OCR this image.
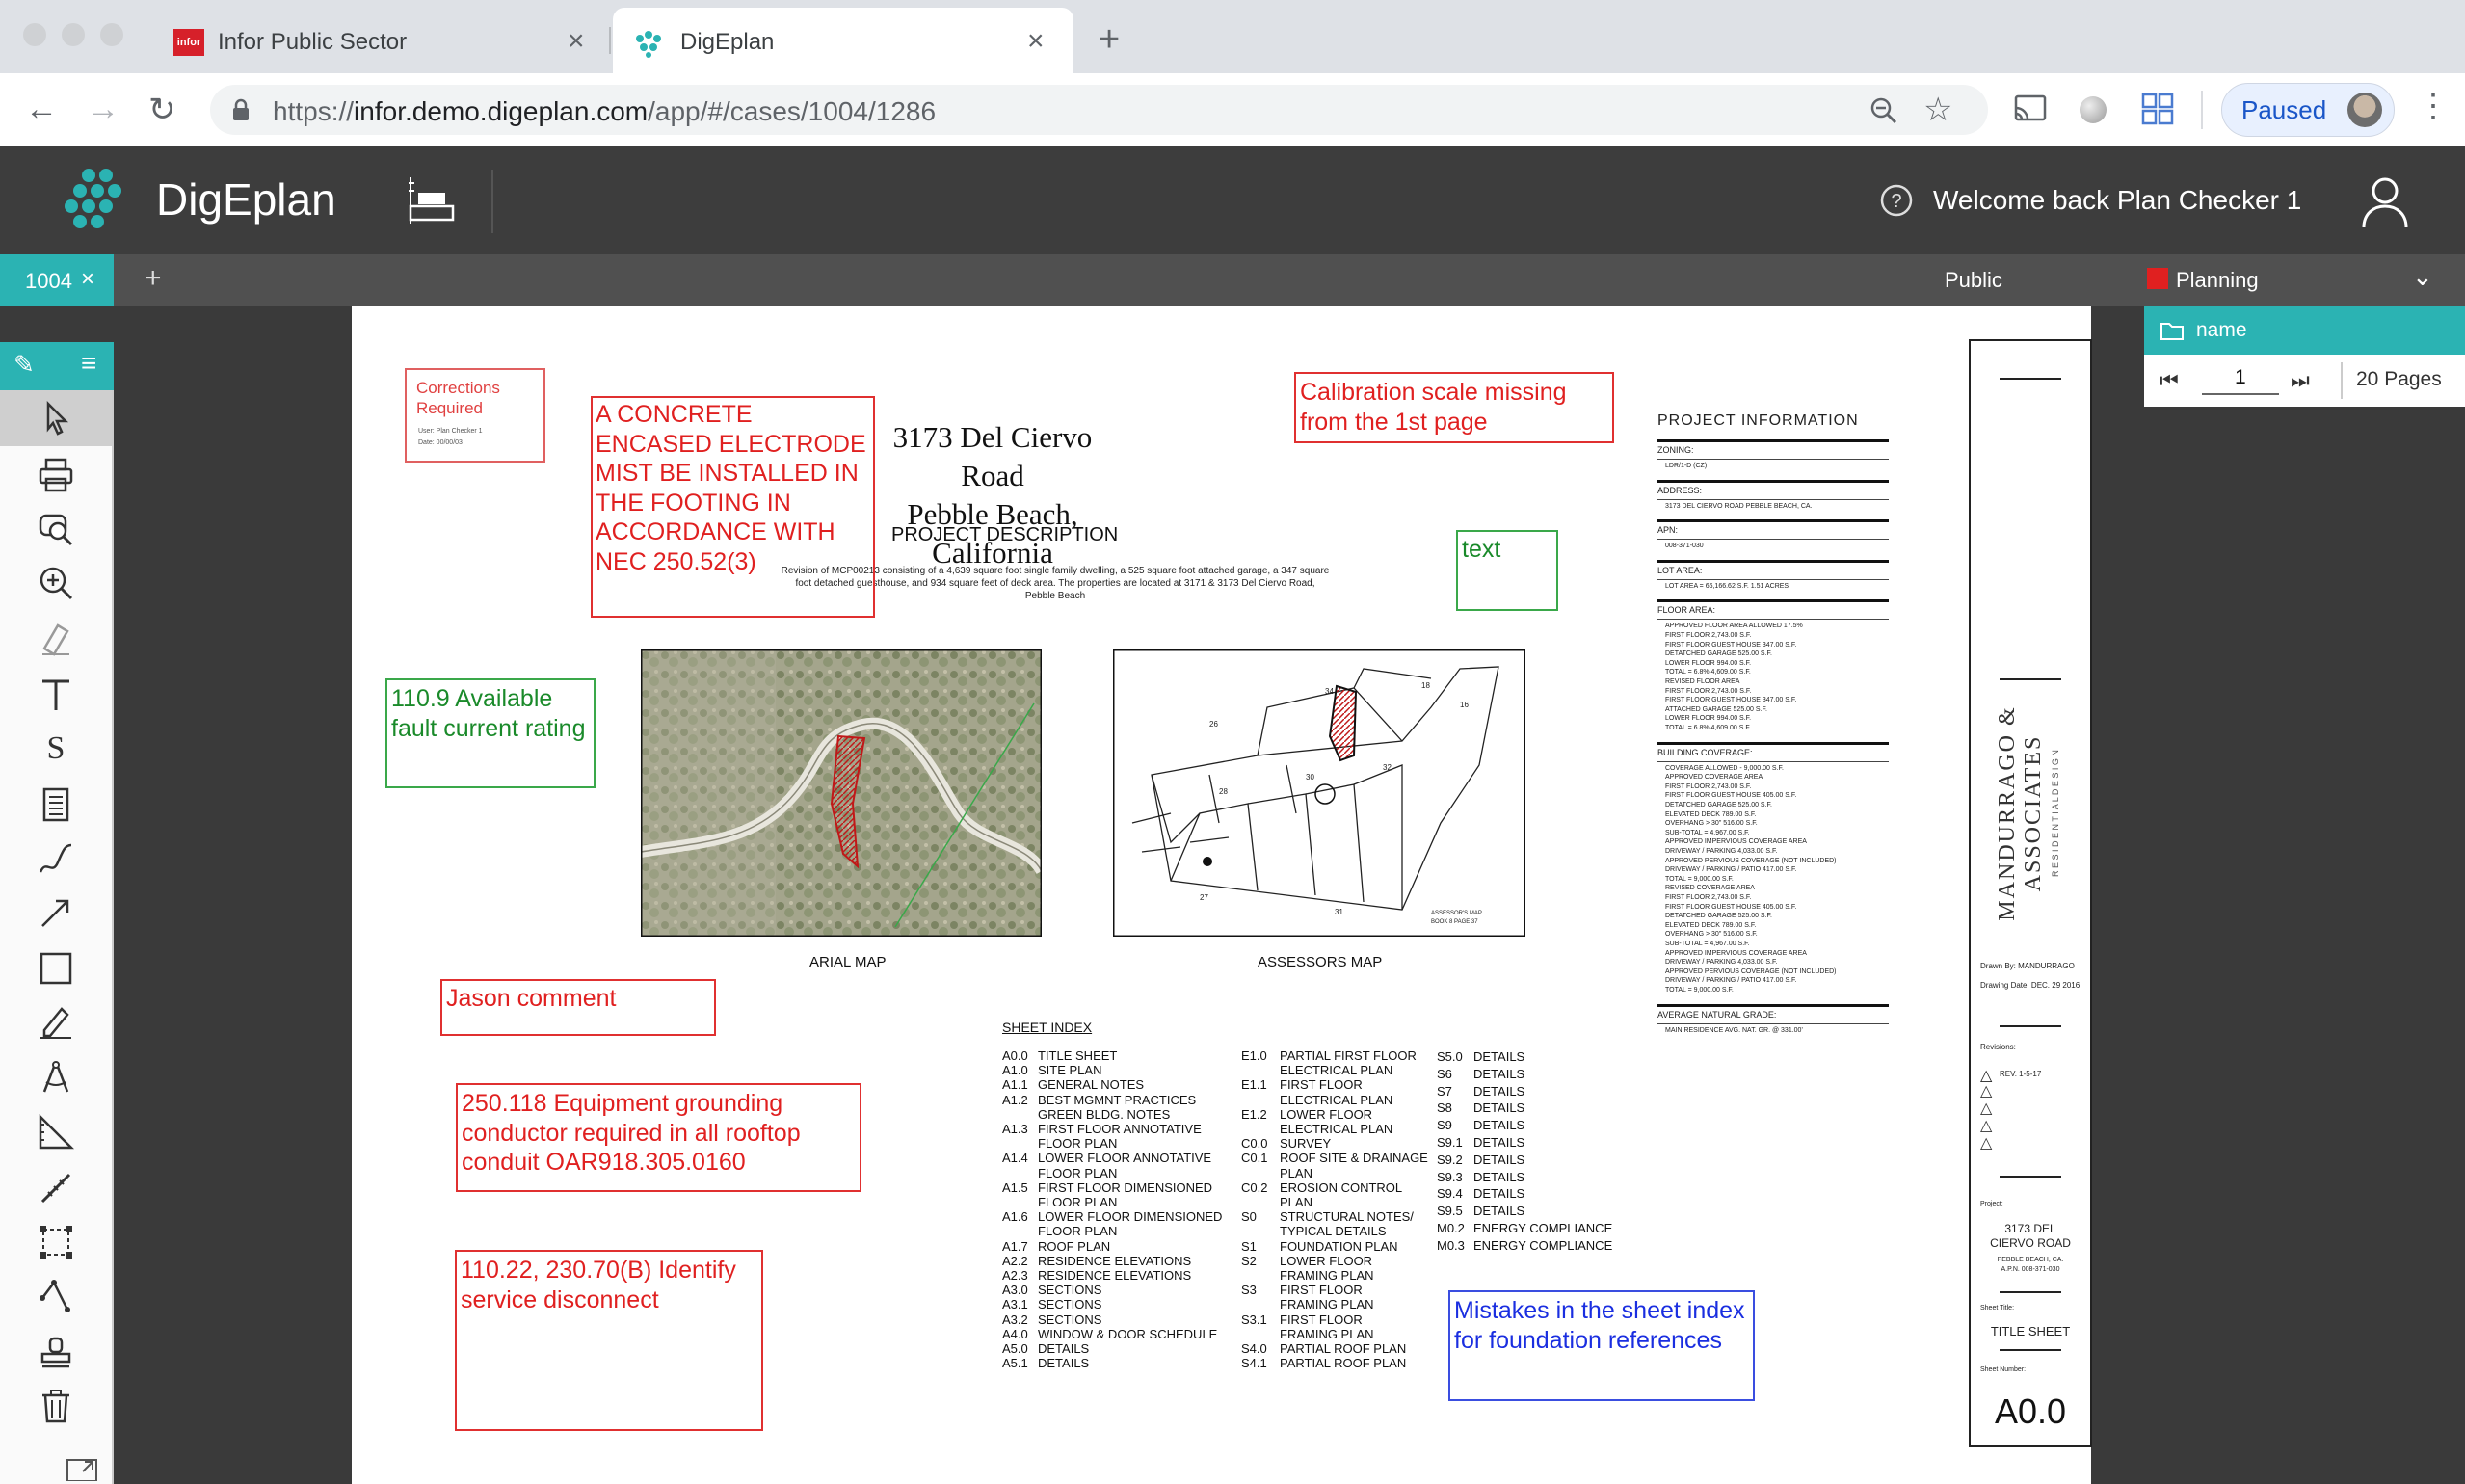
infor Infor Public Sector	×	DigEplan	× +
← → ↻	https://infor.demo.digeplan.com/app/#/cases/1004/1286	☆	Paused	⋮
DigEplan	? Welcome back Plan Checker 1
1004 × +	Public	Planning	⌄
✎ ≡
S
Corrections Required
User: Plan Checker 1
Date: 00/00/03	3173 Del Ciervo Road
Pebble Beach, California
PROJECT DESCRIPTION
Revision of MCP00213 consisting of a 4,639 square foot single family dwelling, a 525 square foot attached garage, a 347 square foot detached guesthouse, and 934 square feet of deck area. The properties are located at 3171 & 3173 Del Ciervo Road, Pebble Beach
ARIAL MAP
26
34
18
16
28
30
32
27
31	ASSESSOR'S MAP
BOOK 8 PAGE 37
ASSESSORS MAP
SHEET INDEX
A0.0 TITLE SHEET
A1.0 SITE PLAN
A1.1 GENERAL NOTES
A1.2 BEST MGMNT PRACTICES
GREEN BLDG. NOTES
A1.3 FIRST FLOOR ANNOTATIVE
FLOOR PLAN
A1.4 LOWER FLOOR ANNOTATIVE
FLOOR PLAN
A1.5 FIRST FLOOR DIMENSIONED
FLOOR PLAN
A1.6 LOWER FLOOR DIMENSIONED
FLOOR PLAN
A1.7 ROOF PLAN
A2.2 RESIDENCE ELEVATIONS
A2.3 RESIDENCE ELEVATIONS
A3.0 SECTIONS
A3.1 SECTIONS
A3.2 SECTIONS
A4.0 WINDOW & DOOR SCHEDULE
A5.0 DETAILS
A5.1 DETAILS
E1.0 PARTIAL FIRST FLOOR
ELECTRICAL PLAN
E1.1 FIRST FLOOR
ELECTRICAL PLAN
E1.2 LOWER FLOOR
ELECTRICAL PLAN
C0.0 SURVEY
C0.1 ROOF SITE & DRAINAGE
PLAN
C0.2 EROSION CONTROL
PLAN
S0 STRUCTURAL NOTES/
TYPICAL DETAILS
S1 FOUNDATION PLAN
S2 LOWER FLOOR
FRAMING PLAN
S3 FIRST FLOOR
FRAMING PLAN
S3.1 FIRST FLOOR
FRAMING PLAN
S4.0 PARTIAL ROOF PLAN
S4.1 PARTIAL ROOF PLAN
S5.0 DETAILS
S6 DETAILS
S7 DETAILS
S8 DETAILS
S9 DETAILS
S9.1 DETAILS
S9.2 DETAILS
S9.3 DETAILS
S9.4 DETAILS
S9.5 DETAILS
M0.2 ENERGY COMPLIANCE
M0.3 ENERGY COMPLIANCE
PROJECT INFORMATION
ZONING:
LDR/1-D (CZ)
ADDRESS:
3173 DEL CIERVO ROAD PEBBLE BEACH, CA.
APN:
008-371-030
LOT AREA:
LOT AREA = 66,166.62 S.F. 1.51 ACRES
FLOOR AREA:
APPROVED FLOOR AREA ALLOWED 17.5%
FIRST FLOOR 2,743.00 S.F.
FIRST FLOOR GUEST HOUSE 347.00 S.F.
DETATCHED GARAGE 525.00 S.F.
LOWER FLOOR 994.00 S.F.
TOTAL = 6.8% 4,609.00 S.F.
REVISED FLOOR AREA
FIRST FLOOR 2,743.00 S.F.
FIRST FLOOR GUEST HOUSE 347.00 S.F.
ATTACHED GARAGE 525.00 S.F.
LOWER FLOOR 994.00 S.F.
TOTAL = 6.8% 4,609.00 S.F.
BUILDING COVERAGE:
COVERAGE ALLOWED - 9,000.00 S.F.
APPROVED COVERAGE AREA
FIRST FLOOR 2,743.00 S.F.
FIRST FLOOR GUEST HOUSE 405.00 S.F.
DETATCHED GARAGE 525.00 S.F.
ELEVATED DECK 789.00 S.F.
OVERHANG > 30" 516.00 S.F.
SUB-TOTAL = 4,967.00 S.F.
APPROVED IMPERVIOUS COVERAGE AREA
DRIVEWAY / PARKING 4,033.00 S.F.
APPROVED PERVIOUS COVERAGE (NOT INCLUDED)
DRIVEWAY / PARKING / PATIO 417.00 S.F.
TOTAL = 9,000.00 S.F.
REVISED COVERAGE AREA
FIRST FLOOR 2,743.00 S.F.
FIRST FLOOR GUEST HOUSE 405.00 S.F.
DETATCHED GARAGE 525.00 S.F.
ELEVATED DECK 789.00 S.F.
OVERHANG > 30" 516.00 S.F.
SUB-TOTAL = 4,967.00 S.F.
APPROVED IMPERVIOUS COVERAGE AREA
DRIVEWAY / PARKING 4,033.00 S.F.
APPROVED PERVIOUS COVERAGE (NOT INCLUDED)
DRIVEWAY / PARKING / PATIO 417.00 S.F.
TOTAL = 9,000.00 S.F.
AVERAGE NATURAL GRADE:
MAIN RESIDENCE AVG. NAT. GR. @ 331.00'
MANDURRAGO & ASSOCIATES R E S I D E N T I A L D E S I G N
Drawn By: MANDURRAGO
Drawing Date: DEC. 29 2016
Revisions:
△ REV. 1-5-17
△
△
△
△
Project:
3173 DEL CIERVO ROAD
PEBBLE BEACH, CA.
A.P.N. 008-371-030
Sheet Title:
TITLE SHEET
Sheet Number:
A0.0
A CONCRETE ENCASED ELECTRODE MIST BE INSTALLED IN THE FOOTING IN ACCORDANCE WITH NEC 250.52(3)
Calibration scale missing from the 1st page
text
110.9 Available fault current rating
Jason comment
250.118 Equipment grounding conductor required in all rooftop conduit OAR918.305.0160
110.22, 230.70(B) Identify service disconnect	Mistakes in the sheet index for foundation references
name
⏮	1 ⏭ 20 Pages
